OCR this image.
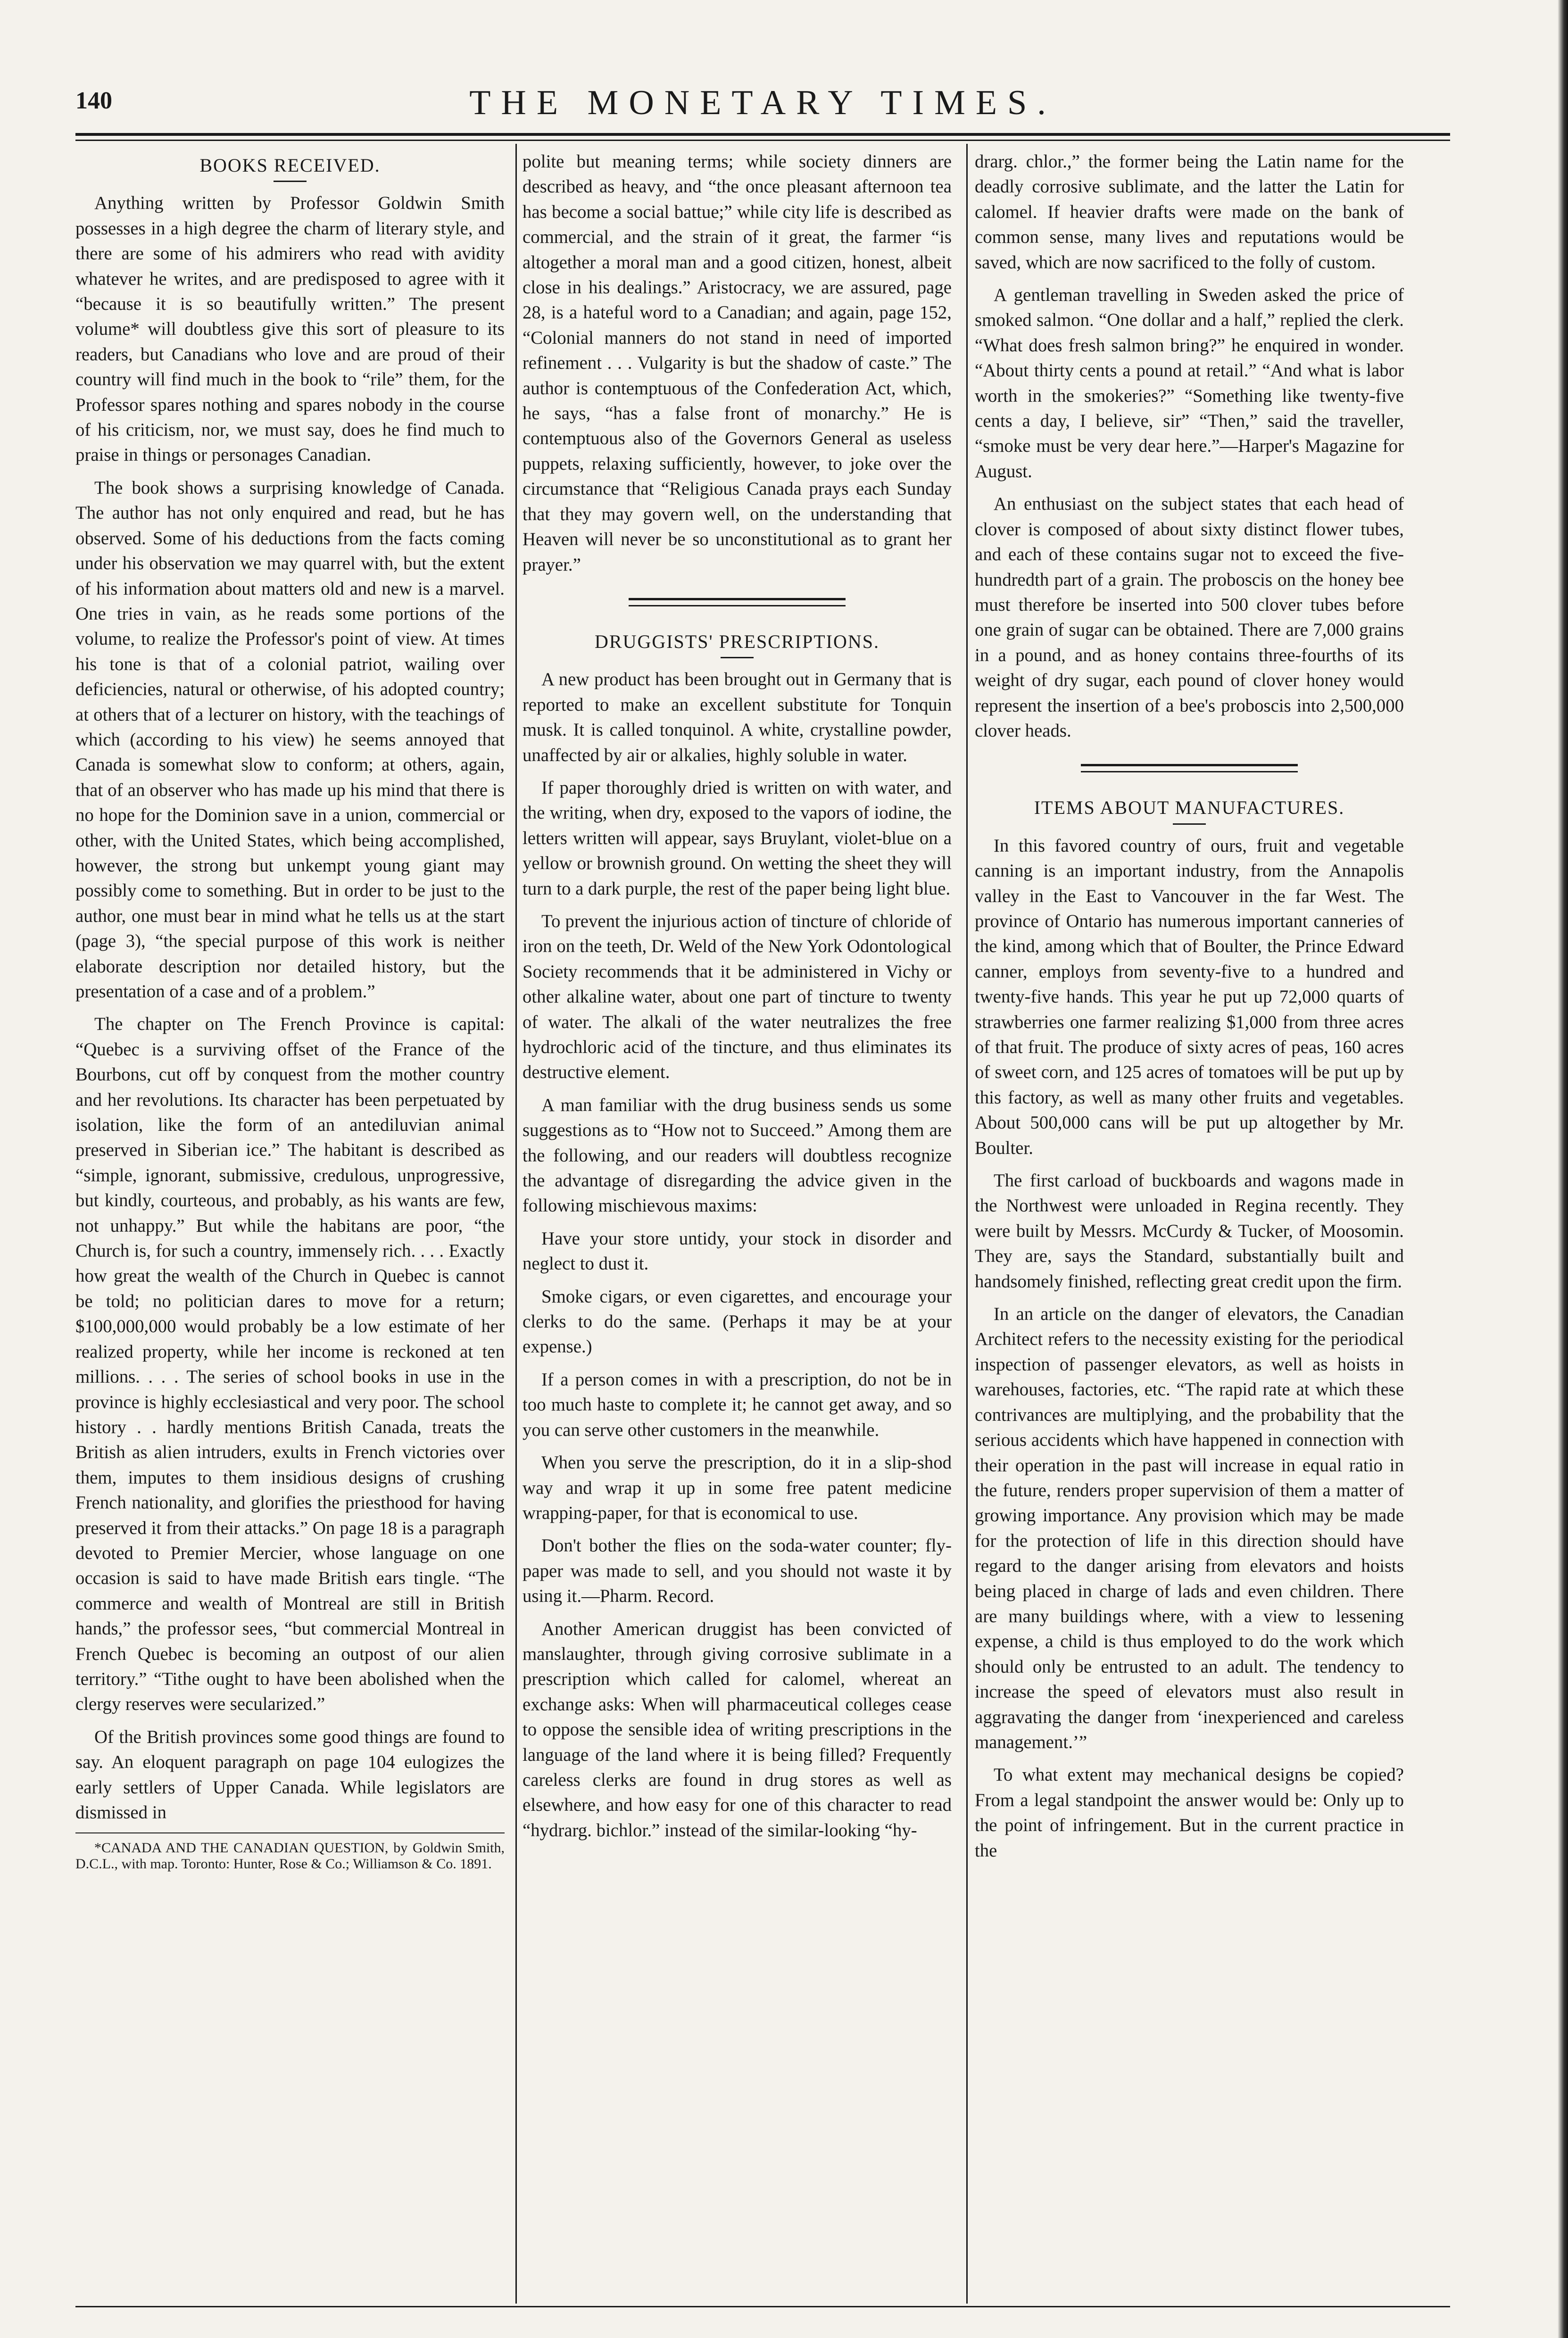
140	THE MONETARY TIMES.
BOOKS RECEIVED.

Anything written by Professor Goldwin Smith possesses in a high degree the charm of literary style, and there are some of his admirers who read with avidity whatever he writes, and are predisposed to agree with it “because it is so beautifully written.” The present volume* will doubtless give this sort of pleasure to its readers, but Canadians who love and are proud of their country will find much in the book to “rile” them, for the Professor spares nothing and spares nobody in the course of his criticism, nor, we must say, does he find much to praise in things or personages Canadian.

The book shows a surprising knowledge of Canada. The author has not only enquired and read, but he has observed. Some of his deductions from the facts coming under his observation we may quarrel with, but the extent of his information about matters old and new is a marvel. One tries in vain, as he reads some portions of the volume, to realize the Professor's point of view. At times his tone is that of a colonial patriot, wailing over deficiencies, natural or otherwise, of his adopted country; at others that of a lecturer on history, with the teachings of which (according to his view) he seems annoyed that Canada is somewhat slow to conform; at others, again, that of an observer who has made up his mind that there is no hope for the Dominion save in a union, commercial or other, with the United States, which being accomplished, however, the strong but unkempt young giant may possibly come to something. But in order to be just to the author, one must bear in mind what he tells us at the start (page 3), “the special purpose of this work is neither elaborate description nor detailed history, but the presentation of a case and of a problem.”

The chapter on The French Province is capital: “Quebec is a surviving offset of the France of the Bourbons, cut off by conquest from the mother country and her revolutions. Its character has been perpetuated by isolation, like the form of an antediluvian animal preserved in Siberian ice.” The habitant is described as “simple, ignorant, submissive, credulous, unprogressive, but kindly, courteous, and probably, as his wants are few, not unhappy.” But while the habitans are poor, “the Church is, for such a country, immensely rich. . . . Exactly how great the wealth of the Church in Quebec is cannot be told; no politician dares to move for a return; $100,000,000 would probably be a low estimate of her realized property, while her income is reckoned at ten millions. . . . The series of school books in use in the province is highly ecclesiastical and very poor. The school history . . hardly mentions British Canada, treats the British as alien intruders, exults in French victories over them, imputes to them insidious designs of crushing French nationality, and glorifies the priesthood for having preserved it from their attacks.” On page 18 is a paragraph devoted to Premier Mercier, whose language on one occasion is said to have made British ears tingle. “The commerce and wealth of Montreal are still in British hands,” the professor sees, “but commercial Montreal in French Quebec is becoming an outpost of our alien territory.” “Tithe ought to have been abolished when the clergy reserves were secularized.”

Of the British provinces some good things are found to say. An eloquent paragraph on page 104 eulogizes the early settlers of Upper Canada. While legislators are dismissed in

*CANADA AND THE CANADIAN QUESTION, by Goldwin Smith, D.C.L., with map. Toronto: Hunter, Rose & Co.; Williamson & Co. 1891.

polite but meaning terms; while society dinners are described as heavy, and “the once pleasant afternoon tea has become a social battue;” while city life is described as commercial, and the strain of it great, the farmer “is altogether a moral man and a good citizen, honest, albeit close in his dealings.” Aristocracy, we are assured, page 28, is a hateful word to a Canadian; and again, page 152, “Colonial manners do not stand in need of imported refinement . . . Vulgarity is but the shadow of caste.” The author is contemptuous of the Confederation Act, which, he says, “has a false front of monarchy.” He is contemptuous also of the Governors General as useless puppets, relaxing sufficiently, however, to joke over the circumstance that “Religious Canada prays each Sunday that they may govern well, on the understanding that Heaven will never be so unconstitutional as to grant her prayer.”

DRUGGISTS' PRESCRIPTIONS.

A new product has been brought out in Germany that is reported to make an excellent substitute for Tonquin musk. It is called tonquinol. A white, crystalline powder, unaffected by air or alkalies, highly soluble in water.

If paper thoroughly dried is written on with water, and the writing, when dry, exposed to the vapors of iodine, the letters written will appear, says Bruylant, violet-blue on a yellow or brownish ground. On wetting the sheet they will turn to a dark purple, the rest of the paper being light blue.

To prevent the injurious action of tincture of chloride of iron on the teeth, Dr. Weld of the New York Odontological Society recommends that it be administered in Vichy or other alkaline water, about one part of tincture to twenty of water. The alkali of the water neutralizes the free hydrochloric acid of the tincture, and thus eliminates its destructive element.

A man familiar with the drug business sends us some suggestions as to “How not to Succeed.” Among them are the following, and our readers will doubtless recognize the advantage of disregarding the advice given in the following mischievous maxims:

Have your store untidy, your stock in disorder and neglect to dust it.

Smoke cigars, or even cigarettes, and encourage your clerks to do the same. (Perhaps it may be at your expense.)

If a person comes in with a prescription, do not be in too much haste to complete it; he cannot get away, and so you can serve other customers in the meanwhile.

When you serve the prescription, do it in a slip-shod way and wrap it up in some free patent medicine wrapping-paper, for that is economical to use.

Don't bother the flies on the soda-water counter; fly-paper was made to sell, and you should not waste it by using it.—Pharm. Record.

Another American druggist has been convicted of manslaughter, through giving corrosive sublimate in a prescription which called for calomel, whereat an exchange asks: When will pharmaceutical colleges cease to oppose the sensible idea of writing prescriptions in the language of the land where it is being filled? Frequently careless clerks are found in drug stores as well as elsewhere, and how easy for one of this character to read “hydrarg. bichlor.” instead of the similar-looking “hy-

drarg. chlor.,” the former being the Latin name for the deadly corrosive sublimate, and the latter the Latin for calomel. If heavier drafts were made on the bank of common sense, many lives and reputations would be saved, which are now sacrificed to the folly of custom.

A gentleman travelling in Sweden asked the price of smoked salmon. “One dollar and a half,” replied the clerk. “What does fresh salmon bring?” he enquired in wonder. “About thirty cents a pound at retail.” “And what is labor worth in the smokeries?” “Something like twenty-five cents a day, I believe, sir” “Then,” said the traveller, “smoke must be very dear here.”—Harper's Magazine for August.

An enthusiast on the subject states that each head of clover is composed of about sixty distinct flower tubes, and each of these contains sugar not to exceed the five-hundredth part of a grain. The proboscis on the honey bee must therefore be inserted into 500 clover tubes before one grain of sugar can be obtained. There are 7,000 grains in a pound, and as honey contains three-fourths of its weight of dry sugar, each pound of clover honey would represent the insertion of a bee's proboscis into 2,500,000 clover heads.

ITEMS ABOUT MANUFACTURES.

In this favored country of ours, fruit and vegetable canning is an important industry, from the Annapolis valley in the East to Vancouver in the far West. The province of Ontario has numerous important canneries of the kind, among which that of Boulter, the Prince Edward canner, employs from seventy-five to a hundred and twenty-five hands. This year he put up 72,000 quarts of strawberries one farmer realizing $1,000 from three acres of that fruit. The produce of sixty acres of peas, 160 acres of sweet corn, and 125 acres of tomatoes will be put up by this factory, as well as many other fruits and vegetables. About 500,000 cans will be put up altogether by Mr. Boulter.

The first carload of buckboards and wagons made in the Northwest were unloaded in Regina recently. They were built by Messrs. McCurdy & Tucker, of Moosomin. They are, says the Standard, substantially built and handsomely finished, reflecting great credit upon the firm.

In an article on the danger of elevators, the Canadian Architect refers to the necessity existing for the periodical inspection of passenger elevators, as well as hoists in warehouses, factories, etc. “The rapid rate at which these contrivances are multiplying, and the probability that the serious accidents which have happened in connection with their operation in the past will increase in equal ratio in the future, renders proper supervision of them a matter of growing importance. Any provision which may be made for the protection of life in this direction should have regard to the danger arising from elevators and hoists being placed in charge of lads and even children. There are many buildings where, with a view to lessening expense, a child is thus employed to do the work which should only be entrusted to an adult. The tendency to increase the speed of elevators must also result in aggravating the danger from ‘inexperienced and careless management.’”

To what extent may mechanical designs be copied? From a legal standpoint the answer would be: Only up to the point of infringement. But in the current practice in the
